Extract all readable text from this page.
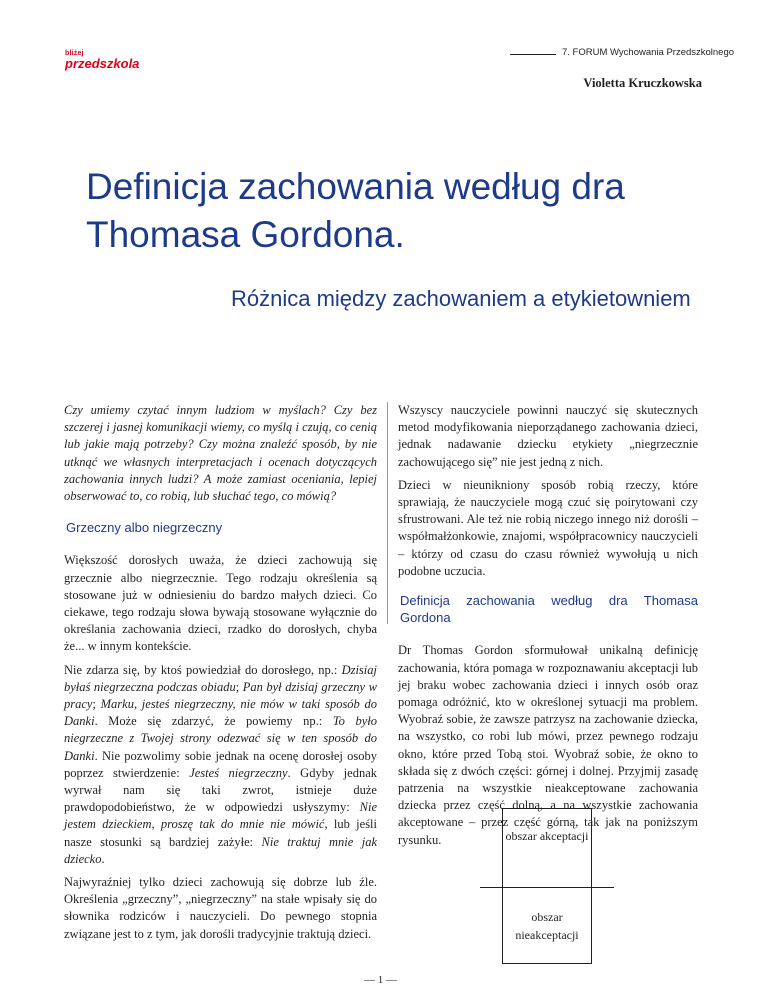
bliżej
przedszkola
7. FORUM Wychowania Przedszkolnego
Violetta Kruczkowska
Definicja zachowania według dra Thomasa Gordona.
Różnica między zachowaniem a etykietowniem

Czy umiemy czytać innym ludziom w myślach? Czy bez szczerej i jasnej komunikacji wiemy, co myślą i czują, co cenią lub jakie mają potrzeby? Czy można znaleźć sposób, by nie utknąć we własnych interpretacjach i ocenach dotyczących zachowania innych ludzi? A może zamiast oceniania, lepiej obserwować to, co robią, lub słuchać tego, co mówią?

Grzeczny albo niegrzeczny

Większość dorosłych uważa, że dzieci zachowują się grzecznie albo niegrzecznie. Tego rodzaju określenia są stosowane już w odniesieniu do bardzo małych dzieci. Co ciekawe, tego rodzaju słowa bywają stosowane wyłącznie do określania zachowania dzieci, rzadko do dorosłych, chyba że... w innym kontekście.

Nie zdarza się, by ktoś powiedział do dorosłego, np.: Dzisiaj byłaś niegrzeczna podczas obiadu; Pan był dzisiaj grzeczny w pracy; Marku, jesteś niegrzeczny, nie mów w taki sposób do Danki. Może się zdarzyć, że powiemy np.: To było niegrzeczne z Twojej strony odezwać się w ten sposób do Danki. Nie pozwolimy sobie jednak na ocenę dorosłej osoby poprzez stwierdzenie: Jesteś niegrzeczny. Gdyby jednak wyrwał nam się taki zwrot, istnieje duże prawdopodobieństwo, że w odpowiedzi usłyszymy: Nie jestem dzieckiem, proszę tak do mnie nie mówić, lub jeśli nasze stosunki są bardziej zażyłe: Nie traktuj mnie jak dziecko.

Najwyraźniej tylko dzieci zachowują się dobrze lub źle. Określenia „grzeczny”, „niegrzeczny” na stałe wpisały się do słownika rodziców i nauczycieli. Do pewnego stopnia związane jest to z tym, jak dorośli tradycyjnie traktują dzieci.

Wszyscy nauczyciele powinni nauczyć się skutecznych metod modyfikowania nieporządanego zachowania dzieci, jednak nadawanie dziecku etykiety „niegrzecznie zachowującego się” nie jest jedną z nich.

Dzieci w nieunikniony sposób robią rzeczy, które sprawiają, że nauczyciele mogą czuć się poirytowani czy sfrustrowani. Ale też nie robią niczego innego niż dorośli – współmałżonkowie, znajomi, współpracownicy nauczycieli – którzy od czasu do czasu również wywołują u nich podobne uczucia.

Definicja zachowania według dra Thomasa Gordona

Dr Thomas Gordon sformułował unikalną definicję zachowania, która pomaga w rozpoznawaniu akceptacji lub jej braku wobec zachowania dzieci i innych osób oraz pomaga odróżnić, kto w określonej sytuacji ma problem. Wyobraź sobie, że zawsze patrzysz na zachowanie dziecka, na wszystko, co robi lub mówi, przez pewnego rodzaju okno, które przed Tobą stoi. Wyobraź sobie, że okno to składa się z dwóch części: górnej i dolnej. Przyjmij zasadę patrzenia na wszystkie nieakceptowane zachowania dziecka przez część dolną, a na wszystkie zachowania akceptowane – przez część górną, tak jak na poniższym rysunku.	obszar akceptacji
obszar nieakceptacji
— 1 —
